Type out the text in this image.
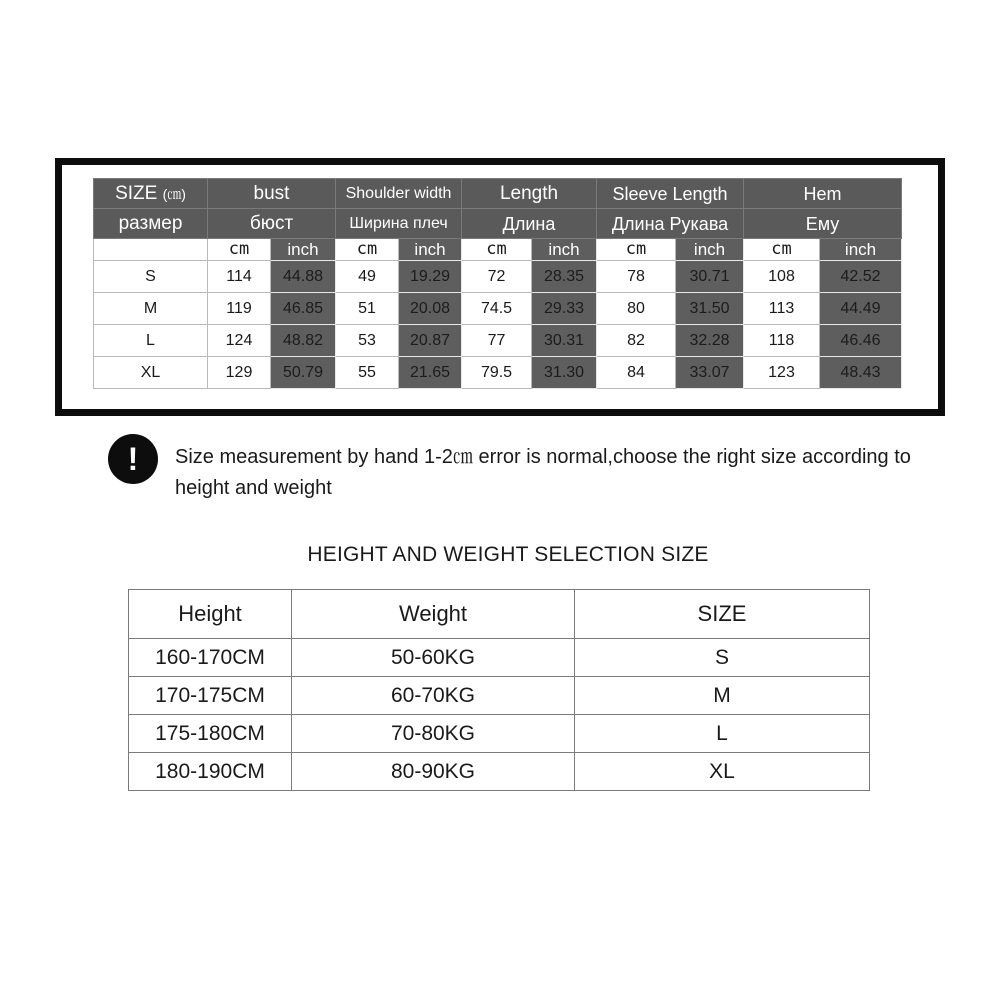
SIZE (㎝)	bust		Shoulder width		Length		Sleeve Length		Hem	
размер	бюст		Ширина плеч		Длина		Длина Рукава		Ему	
	cm	inch	cm	inch	cm	inch	cm	inch	cm	inch
S	114	44.88	49	19.29	72	28.35	78	30.71	108	42.52
M	119	46.85	51	20.08	74.5	29.33	80	31.50	113	44.49
L	124	48.82	53	20.87	77	30.31	82	32.28	118	46.46
XL	129	50.79	55	21.65	79.5	31.30	84	33.07	123	48.43
!	Size measurement by hand 1-2㎝ error is normal,choose the right size according to height and weight
HEIGHT AND WEIGHT SELECTION SIZE
Height	Weight	SIZE
160-170CM	50-60KG	S
170-175CM	60-70KG	M
175-180CM	70-80KG	L
180-190CM	80-90KG	XL
